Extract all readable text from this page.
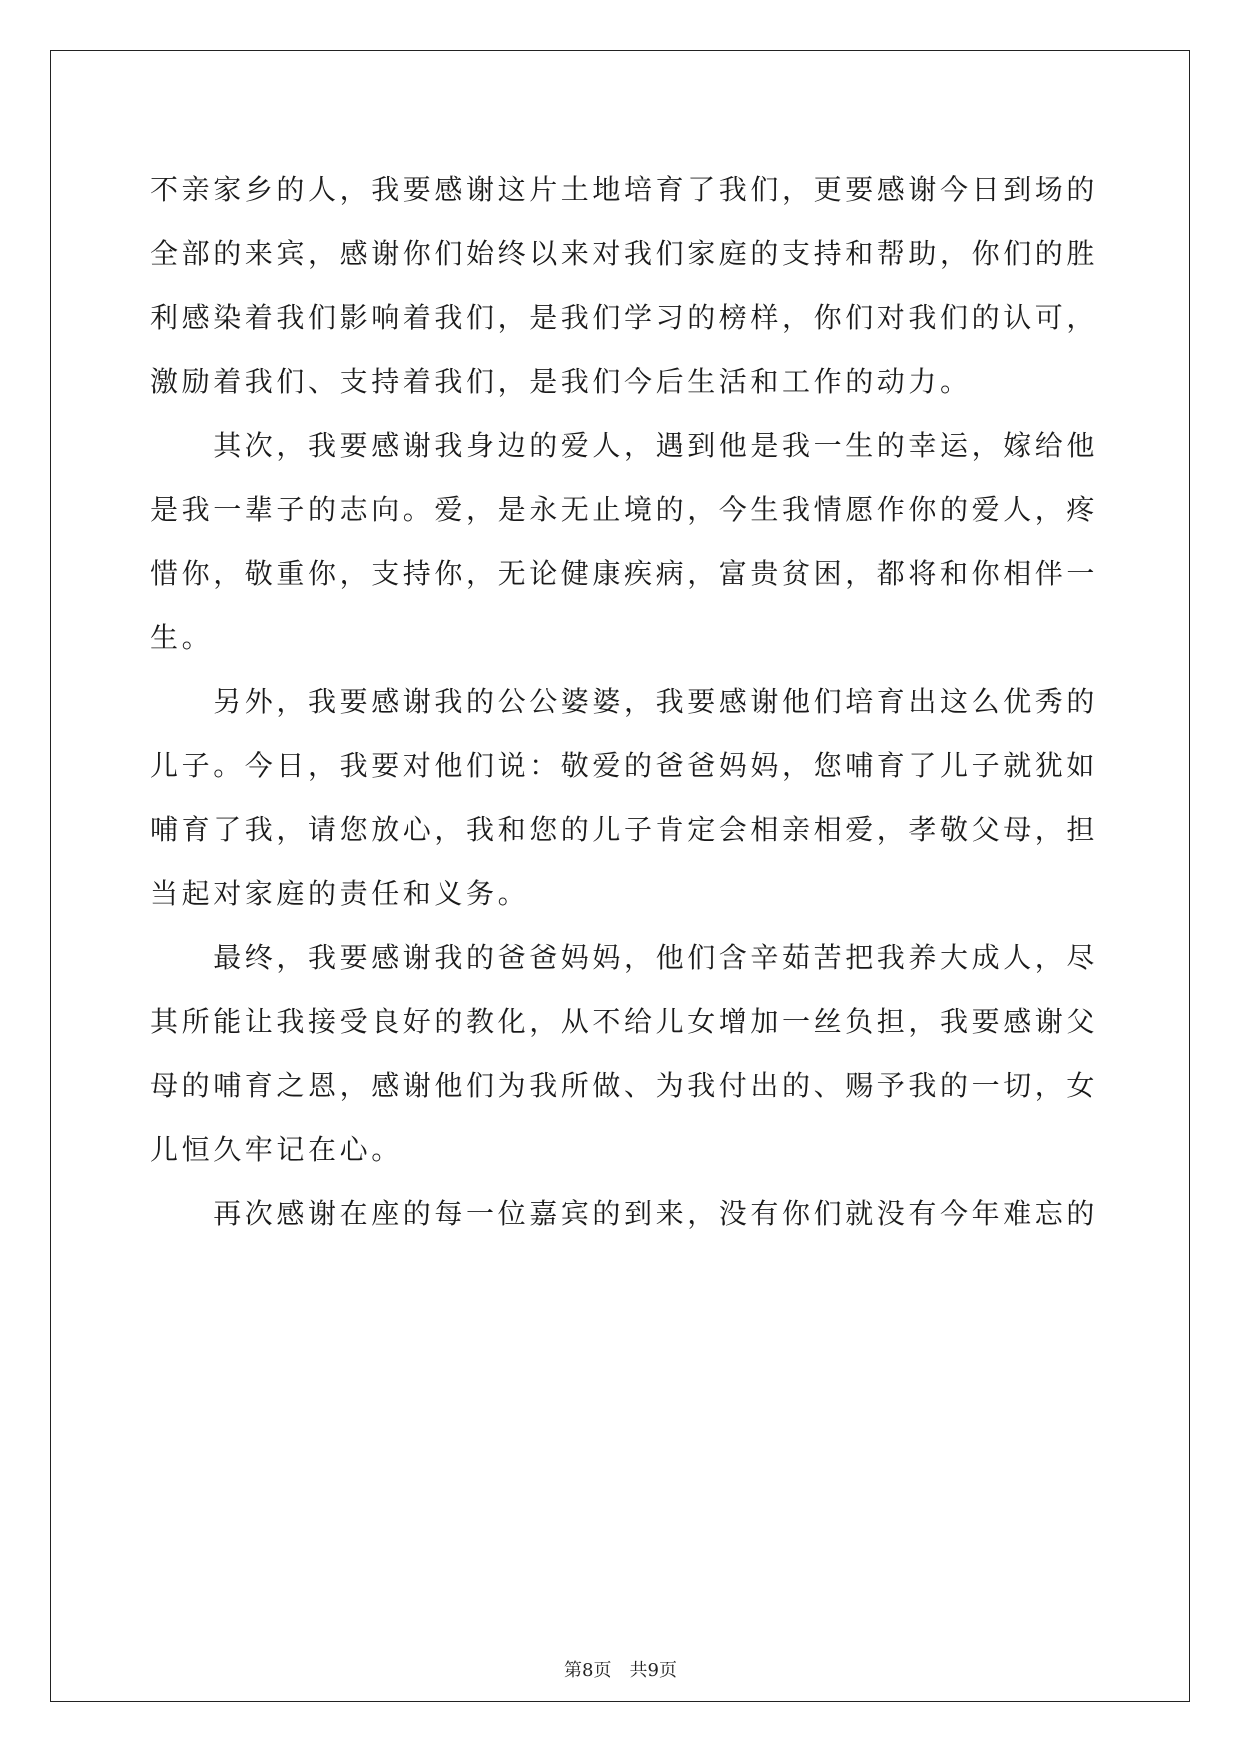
不亲家乡的人，我要感谢这片土地培育了我们，更要感谢今日到场的
全部的来宾，感谢你们始终以来对我们家庭的支持和帮助，你们的胜
利感染着我们影响着我们，是我们学习的榜样，你们对我们的认可，
激励着我们、支持着我们，是我们今后生活和工作的动力。
　　其次，我要感谢我身边的爱人，遇到他是我一生的幸运，嫁给他
是我一辈子的志向。爱，是永无止境的，今生我情愿作你的爱人，疼
惜你，敬重你，支持你，无论健康疾病，富贵贫困，都将和你相伴一
生。
　　另外，我要感谢我的公公婆婆，我要感谢他们培育出这么优秀的
儿子。今日，我要对他们说：敬爱的爸爸妈妈，您哺育了儿子就犹如
哺育了我，请您放心，我和您的儿子肯定会相亲相爱，孝敬父母，担
当起对家庭的责任和义务。
　　最终，我要感谢我的爸爸妈妈，他们含辛茹苦把我养大成人，尽
其所能让我接受良好的教化，从不给儿女增加一丝负担，我要感谢父
母的哺育之恩，感谢他们为我所做、为我付出的、赐予我的一切，女
儿恒久牢记在心。
　　再次感谢在座的每一位嘉宾的到来，没有你们就没有今年难忘的
第8页　共9页
